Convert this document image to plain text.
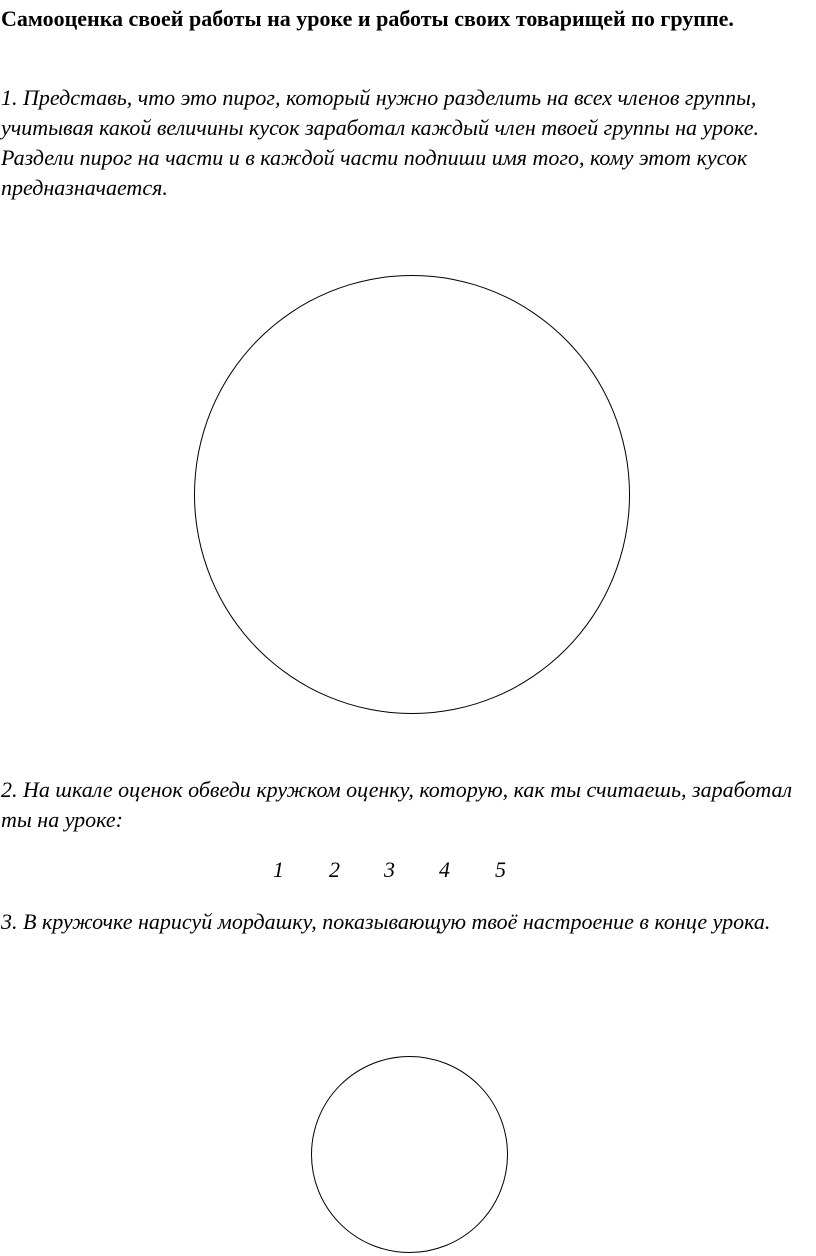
Самооценка своей работы на уроке и работы своих товарищей по группе.

1. Представь, что это пирог, который нужно разделить на всех членов группы, учитывая какой величины кусок заработал каждый член твоей группы на уроке. Раздели пирог на части и в каждой части подпиши имя того, кому этот кусок предназначается.

2. На шкале оценок обведи кружком оценку, которую, как ты считаешь, заработал ты на уроке:

1 2 3 4 5

3. В кружочке нарисуй мордашку, показывающую твоё настроение в конце урока.
